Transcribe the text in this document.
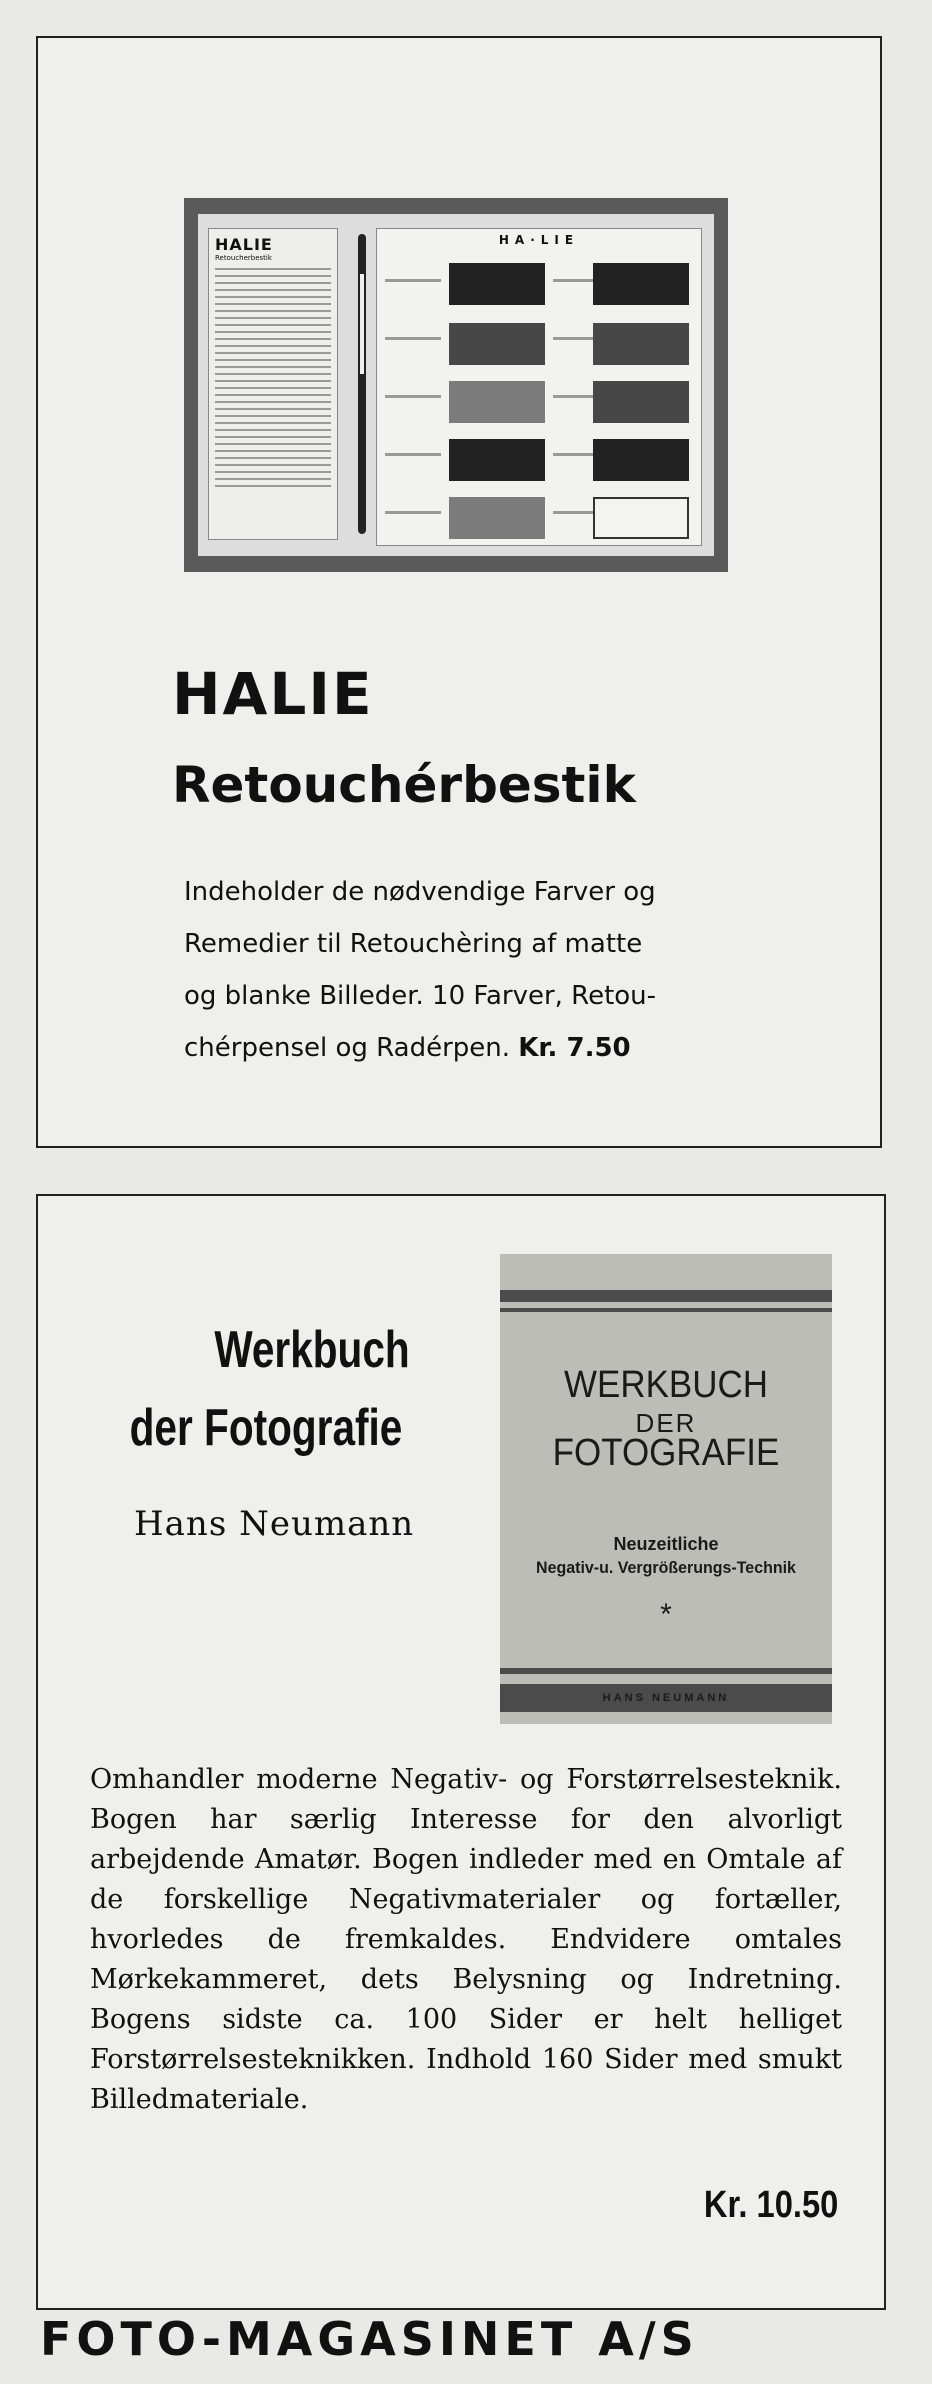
HALIE
Retoucherbestik
HA·LIE

HALIE

Retouchérbestik

Indeholder de nødvendige Farver og
Remedier til Retouchèring af matte
og blanke Billeder. 10 Farver, Retou-
chérpensel og Radérpen. Kr. 7.50

Werkbuch

der Fotografie

Hans Neumann

WERKBUCH

DER

FOTOGRAFIE

Neuzeitliche

Negativ-u. Vergrößerungs-Technik

*

HANS NEUMANN

Omhandler moderne Negativ- og Forstørrelsesteknik. Bogen har særlig Interesse for den alvorligt arbejdende Amatør. Bogen indleder med en Omtale af de forskellige Negativmaterialer og fortæller, hvorledes de fremkaldes. Endvidere omtales Mørkekammeret, dets Belysning og Indretning. Bogens sidste ca. 100 Sider er helt helliget Forstørrelsesteknikken. Indhold 160 Sider med smukt Billedmateriale.

Kr. 10.50

FOTO-MAGASINET A/S
